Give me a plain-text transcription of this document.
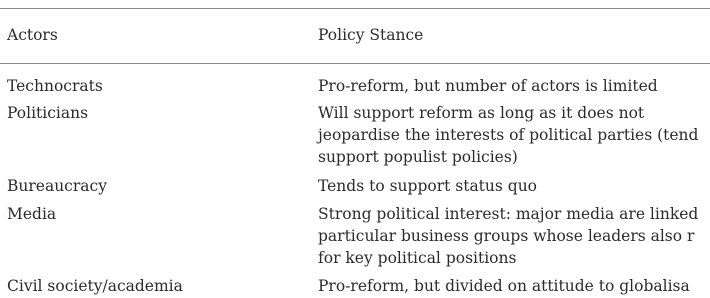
Actors	Policy Stance
Technocrats	Pro-reform, but number of actors is limited
Politicians	Will support reform as long as it does not
jeopardise the interests of political parties (tend
support populist policies)
Bureaucracy	Tends to support status quo
Media	Strong political interest: major media are linked
particular business groups whose leaders also r
for key political positions
Civil society/academia	Pro-reform, but divided on attitude to globalisa
